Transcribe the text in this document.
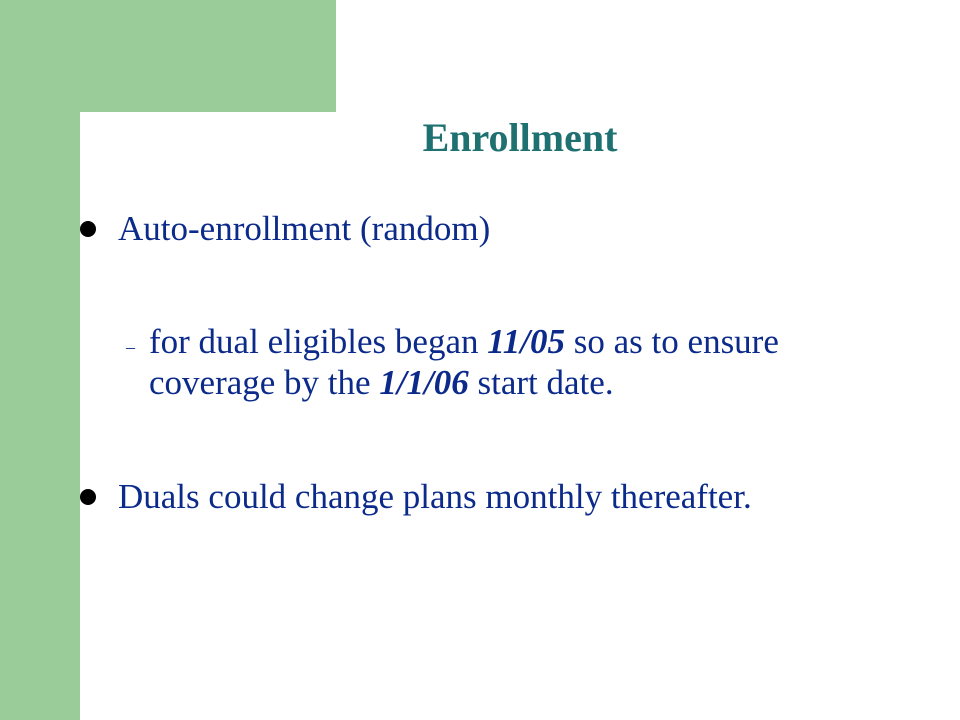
Enrollment
Auto-enrollment (random)
– for dual eligibles began 11/05 so as to ensure coverage by the 1/1/06 start date.
Duals could change plans monthly thereafter.
